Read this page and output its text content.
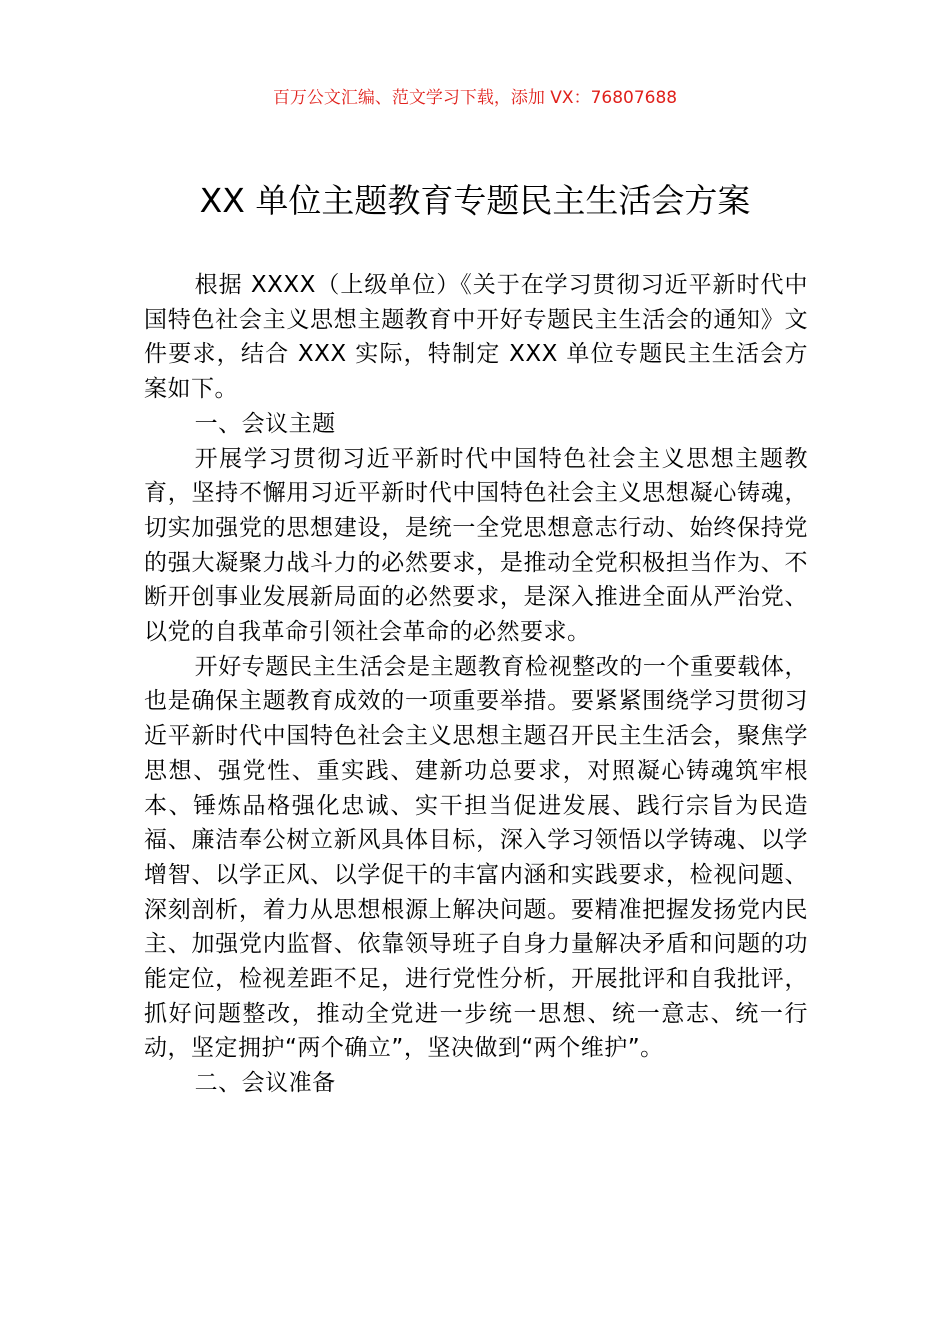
百万公文汇编、范文学习下载，添加 VX：76807688
XX 单位主题教育专题民主生活会方案

根据 XXXX（上级单位）《关于在学习贯彻习近平新时代中国特色社会主义思想主题教育中开好专题民主生活会的通知》文件要求，结合 XXX 实际，特制定 XXX 单位专题民主生活会方案如下。

一、会议主题

开展学习贯彻习近平新时代中国特色社会主义思想主题教育，坚持不懈用习近平新时代中国特色社会主义思想凝心铸魂，切实加强党的思想建设，是统一全党思想意志行动、始终保持党的强大凝聚力战斗力的必然要求，是推动全党积极担当作为、不断开创事业发展新局面的必然要求，是深入推进全面从严治党、以党的自我革命引领社会革命的必然要求。

开好专题民主生活会是主题教育检视整改的一个重要载体，也是确保主题教育成效的一项重要举措。要紧紧围绕学习贯彻习近平新时代中国特色社会主义思想主题召开民主生活会，聚焦学思想、强党性、重实践、建新功总要求，对照凝心铸魂筑牢根本、锤炼品格强化忠诚、实干担当促进发展、践行宗旨为民造福、廉洁奉公树立新风具体目标，深入学习领悟以学铸魂、以学增智、以学正风、以学促干的丰富内涵和实践要求，检视问题、深刻剖析，着力从思想根源上解决问题。要精准把握发扬党内民主、加强党内监督、依靠领导班子自身力量解决矛盾和问题的功能定位，检视差距不足，进行党性分析，开展批评和自我批评，抓好问题整改，推动全党进一步统一思想、统一意志、统一行动，坚定拥护“两个确立”，坚决做到“两个维护”。

二、会议准备
